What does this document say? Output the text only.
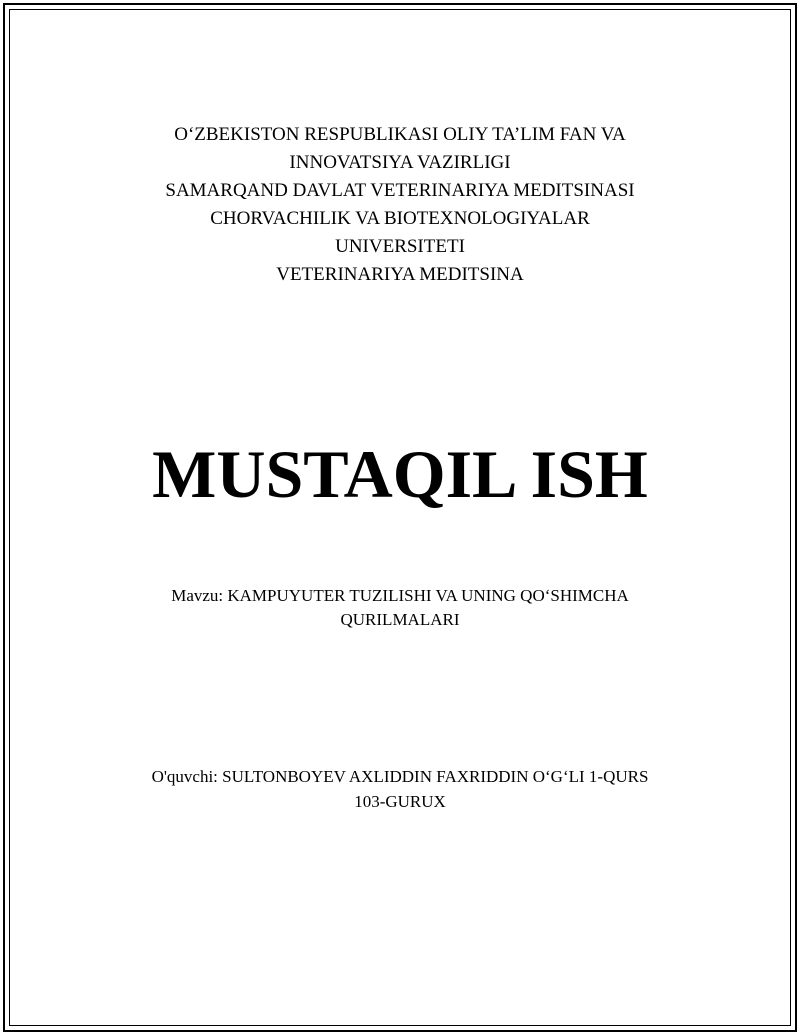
O‘ZBEKISTON RESPUBLIKASI OLIY TA’LIM FAN VA
INNOVATSIYA VAZIRLIGI
SAMARQAND DAVLAT VETERINARIYA MEDITSINASI
CHORVACHILIK VA BIOTEXNOLOGIYALAR
UNIVERSITETI
VETERINARIYA MEDITSINA
MUSTAQIL ISH
Mavzu: KAMPUYUTER TUZILISHI VA UNING QO‘SHIMCHA
QURILMALARI
O'quvchi: SULTONBOYEV AXLIDDIN FAXRIDDIN O‘G‘LI 1-QURS
103-GURUX
